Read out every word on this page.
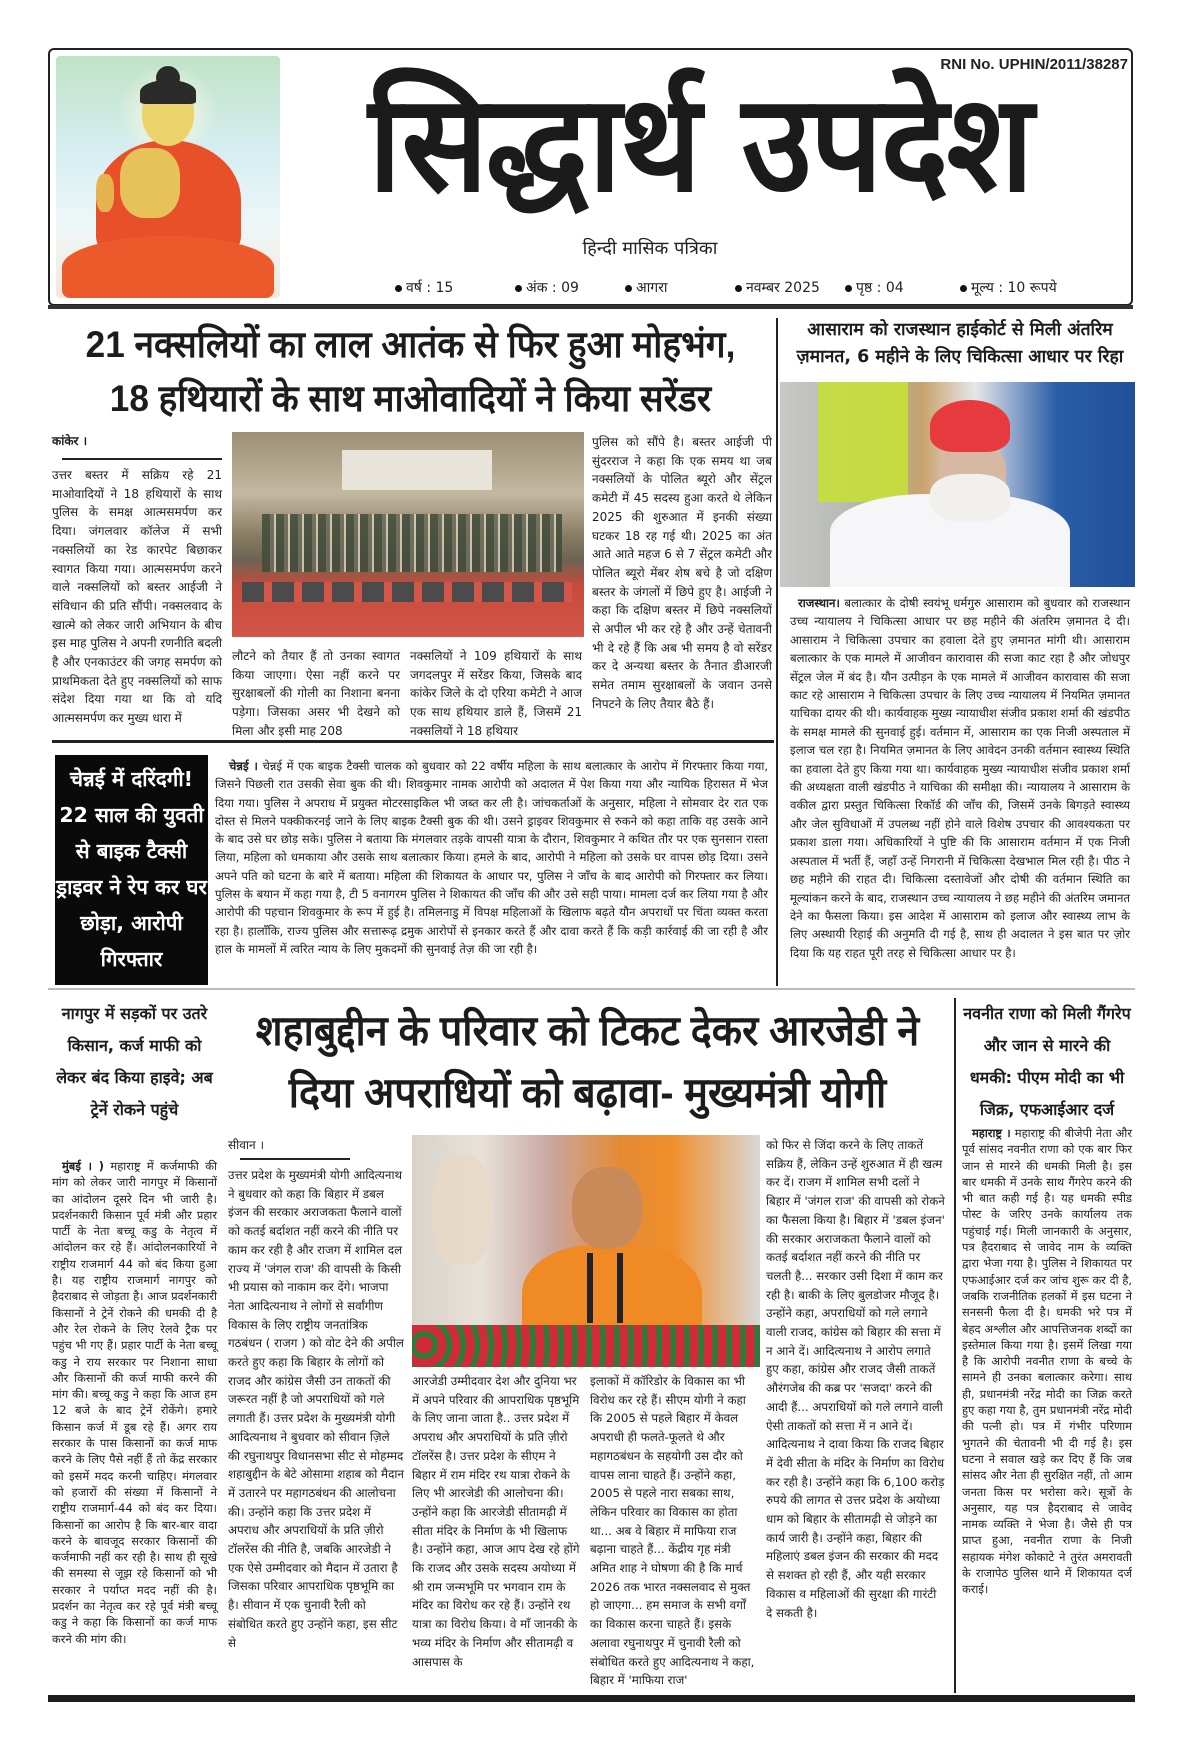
RNI No. UPHIN/2011/38287
सिद्धार्थ उपदेश
हिन्दी मासिक पत्रिका
वर्ष : 15	अंक : 09	आगरा	नवम्बर 2025	पृष्ठ : 04	मूल्य : 10 रूपये
21 नक्सलियों का लाल आतंक से फिर हुआ मोहभंग, 18 हथियारों के साथ माओवादियों ने किया सरेंडर
कांकेर ।
उत्तर बस्तर में सक्रिय रहे 21 माओवादियों ने 18 हथियारों के साथ पुलिस के समक्ष आत्मसमर्पण कर दिया। जंगलवार कॉलेज में सभी नक्सलियों का रेड कारपेट बिछाकर स्वागत किया गया। आत्मसमर्पण करने वाले नक्सलियों को बस्तर आईजी ने संविधान की प्रति सौंपी। नक्सलवाद के खात्मे को लेकर जारी अभियान के बीच इस माह पुलिस ने अपनी रणनीति बदली है और एनकाउंटर की जगह समर्पण को प्राथमिकता देते हुए नक्सलियों को साफ संदेश दिया गया था कि वो यदि आत्मसमर्पण कर मुख्य धारा में
लौटने को तैयार हैं तो उनका स्वागत किया जाएगा। ऐसा नहीं करने पर सुरक्षाबलों की गोली का निशाना बनना पड़ेगा। जिसका असर भी देखने को मिला और इसी माह 208
नक्सलियों ने 109 हथियारों के साथ जगदलपुर में सरेंडर किया, जिसके बाद कांकेर जिले के दो एरिया कमेटी ने आज एक साथ हथियार डाले हैं, जिसमें 21 नक्सलियों ने 18 हथियार
पुलिस को सौंपे है। बस्तर आईजी पी सुंदरराज ने कहा कि एक समय था जब नक्सलियों के पोलित ब्यूरो और सेंट्रल कमेटी में 45 सदस्य हुआ करते थे लेकिन 2025 की शुरुआत में इनकी संख्या घटकर 18 रह गई थी। 2025 का अंत आते आते महज 6 से 7 सेंट्रल कमेटी और पोलित ब्यूरो मेंबर शेष बचे है जो दक्षिण बस्तर के जंगलों में छिपे हुए है। आईजी ने कहा कि दक्षिण बस्तर में छिपे नक्सलियों से अपील भी कर रहे है और उन्हें चेतावनी भी दे रहे हैं कि अब भी समय है वो सरेंडर कर दे अन्यथा बस्तर के तैनात डीआरजी समेत तमाम सुरक्षाबलों के जवान उनसे निपटने के लिए तैयार बैठे हैं।
आसाराम को राजस्थान हाईकोर्ट से मिली अंतरिम ज़मानत, 6 महीने के लिए चिकित्सा आधार पर रिहा
राजस्थान। बलात्कार के दोषी स्वयंभू धर्मगुरु आसाराम को बुधवार को राजस्थान उच्च न्यायालय ने चिकित्सा आधार पर छह महीने की अंतरिम ज़मानत दे दी। आसाराम ने चिकित्सा उपचार का हवाला देते हुए ज़मानत मांगी थी। आसाराम बलात्कार के एक मामले में आजीवन कारावास की सजा काट रहा है और जोधपुर सेंट्रल जेल में बंद है। यौन उत्पीड़न के एक मामले में आजीवन कारावास की सजा काट रहे आसाराम ने चिकित्सा उपचार के लिए उच्च न्यायालय में नियमित ज़मानत याचिका दायर की थी। कार्यवाहक मुख्य न्यायाधीश संजीव प्रकाश शर्मा की खंडपीठ के समक्ष मामले की सुनवाई हुई। वर्तमान में, आसाराम का एक निजी अस्पताल में इलाज चल रहा है। नियमित ज़मानत के लिए आवेदन उनकी वर्तमान स्वास्थ्य स्थिति का हवाला देते हुए किया गया था। कार्यवाहक मुख्य न्यायाधीश संजीव प्रकाश शर्मा की अध्यक्षता वाली खंडपीठ ने याचिका की समीक्षा की। न्यायालय ने आसाराम के वकील द्वारा प्रस्तुत चिकित्सा रिकॉर्ड की जाँच की, जिसमें उनके बिगड़ते स्वास्थ्य और जेल सुविधाओं में उपलब्ध नहीं होने वाले विशेष उपचार की आवश्यकता पर प्रकाश डाला गया। अधिकारियों ने पुष्टि की कि आसाराम वर्तमान में एक निजी अस्पताल में भर्ती हैं, जहाँ उन्हें निगरानी में चिकित्सा देखभाल मिल रही है। पीठ ने छह महीने की राहत दी। चिकित्सा दस्तावेजों और दोषी की वर्तमान स्थिति का मूल्यांकन करने के बाद, राजस्थान उच्च न्यायालय ने छह महीने की अंतरिम जमानत देने का फैसला किया। इस आदेश में आसाराम को इलाज और स्वास्थ्य लाभ के लिए अस्थायी रिहाई की अनुमति दी गई है, साथ ही अदालत ने इस बात पर ज़ोर दिया कि यह राहत पूरी तरह से चिकित्सा आधार पर है।
चेन्नई में दरिंदगी! 22 साल की युवती से बाइक टैक्सी ड्राइवर ने रेप कर घर छोड़ा, आरोपी गिरफ्तार
चेन्नई । चेन्नई में एक बाइक टैक्सी चालक को बुधवार को 22 वर्षीय महिला के साथ बलात्कार के आरोप में गिरफ्तार किया गया, जिसने पिछली रात उसकी सेवा बुक की थी। शिवकुमार नामक आरोपी को अदालत में पेश किया गया और न्यायिक हिरासत में भेज दिया गया। पुलिस ने अपराध में प्रयुक्त मोटरसाइकिल भी जब्त कर ली है। जांचकर्ताओं के अनुसार, महिला ने सोमवार देर रात एक दोस्त से मिलने पक्कीकरनई जाने के लिए बाइक टैक्सी बुक की थी। उसने ड्राइवर शिवकुमार से रुकने को कहा ताकि वह उसके आने के बाद उसे घर छोड़ सके। पुलिस ने बताया कि मंगलवार तड़के वापसी यात्रा के दौरान, शिवकुमार ने कथित तौर पर एक सुनसान रास्ता लिया, महिला को धमकाया और उसके साथ बलात्कार किया। हमले के बाद, आरोपी ने महिला को उसके घर वापस छोड़ दिया। उसने अपने पति को घटना के बारे में बताया। महिला की शिकायत के आधार पर, पुलिस ने जाँच के बाद आरोपी को गिरफ्तार कर लिया। पुलिस के बयान में कहा गया है, टी 5 वनागरम पुलिस ने शिकायत की जाँच की और उसे सही पाया। मामला दर्ज कर लिया गया है और आरोपी की पहचान शिवकुमार के रूप में हुई है। तमिलनाडु में विपक्ष महिलाओं के खिलाफ बढ़ते यौन अपराधों पर चिंता व्यक्त करता रहा है। हालाँकि, राज्य पुलिस और सत्तारूढ़ द्रमुक आरोपों से इनकार करते हैं और दावा करते हैं कि कड़ी कार्रवाई की जा रही है और हाल के मामलों में त्वरित न्याय के लिए मुकदमों की सुनवाई तेज़ की जा रही है।
नागपुर में सड़कों पर उतरे किसान, कर्ज माफी को लेकर बंद किया हाइवे; अब ट्रेनें रोकने पहुंचे
मुंबई । ) महाराष्ट्र में कर्जमाफी की मांग को लेकर जारी नागपुर में किसानों का आंदोलन दूसरे दिन भी जारी है। प्रदर्शनकारी किसान पूर्व मंत्री और प्रहार पार्टी के नेता बच्चू कडु के नेतृत्व में आंदोलन कर रहे हैं। आंदोलनकारियों ने राष्ट्रीय राजमार्ग 44 को बंद किया हुआ है। यह राष्ट्रीय राजमार्ग नागपुर को हैदराबाद से जोड़ता है। आज प्रदर्शनकारी किसानों ने ट्रेनें रोकने की धमकी दी है और रेल रोकने के लिए रेलवे ट्रैक पर पहुंच भी गए हैं। प्रहार पार्टी के नेता बच्चू कडु ने राय सरकार पर निशाना साधा और किसानों की कर्ज माफी करने की मांग की। बच्चू कडु ने कहा कि आज हम 12 बजे के बाद ट्रेनें रोकेंगे। हमारे किसान कर्ज में डूब रहे हैं। अगर राय सरकार के पास किसानों का कर्ज माफ करने के लिए पैसे नहीं हैं तो केंद्र सरकार को इसमें मदद करनी चाहिए। मंगलवार को हजारों की संख्या में किसानों ने राष्ट्रीय राजमार्ग-44 को बंद कर दिया। किसानों का आरोप है कि बार-बार वादा करने के बावजूद सरकार किसानों की कर्जमाफी नहीं कर रही है। साथ ही सूखे की समस्या से जूझ रहे किसानों को भी सरकार ने पर्याप्त मदद नहीं की है। प्रदर्शन का नेतृत्व कर रहे पूर्व मंत्री बच्चू कडु ने कहा कि किसानों का कर्ज माफ करने की मांग की।
शहाबुद्दीन के परिवार को टिकट देकर आरजेडी ने दिया अपराधियों को बढ़ावा- मुख्यमंत्री योगी
सीवान ।
उत्तर प्रदेश के मुख्यमंत्री योगी आदित्यनाथ ने बुधवार को कहा कि बिहार में डबल इंजन की सरकार अराजकता फैलाने वालों को कतई बर्दाशत नहीं करने की नीति पर काम कर रही है और राजग में शामिल दल राज्य में 'जंगल राज' की वापसी के किसी भी प्रयास को नाकाम कर देंगे। भाजपा नेता आदित्यनाथ ने लोगों से सर्वांगीण विकास के लिए राष्ट्रीय जनतांत्रिक गठबंधन ( राजग ) को वोट देने की अपील करते हुए कहा कि बिहार के लोगों को राजद और कांग्रेस जैसी उन ताकतों की जरूरत नहीं है जो अपराधियों को गले लगाती हैं। उत्तर प्रदेश के मुख्यमंत्री योगी आदित्यनाथ ने बुधवार को सीवान ज़िले की रघुनाथपुर विधानसभा सीट से मोहम्मद शहाबुद्दीन के बेटे ओसामा शहाब को मैदान में उतारने पर महागठबंधन की आलोचना की। उन्होंने कहा कि उत्तर प्रदेश में अपराध और अपराधियों के प्रति ज़ीरो टॉलरेंस की नीति है, जबकि आरजेडी ने एक ऐसे उम्मीदवार को मैदान में उतारा है जिसका परिवार आपराधिक पृष्ठभूमि का है। सीवान में एक चुनावी रैली को संबोधित करते हुए उन्होंने कहा, इस सीट से
आरजेडी उम्मीदवार देश और दुनिया भर में अपने परिवार की आपराधिक पृष्ठभूमि के लिए जाना जाता है.. उत्तर प्रदेश में अपराध और अपराधियों के प्रति ज़ीरो टॉलरेंस है। उत्तर प्रदेश के सीएम ने बिहार में राम मंदिर रथ यात्रा रोकने के लिए भी आरजेडी की आलोचना की। उन्होंने कहा कि आरजेडी सीतामढ़ी में सीता मंदिर के निर्माण के भी खिलाफ है। उन्होंने कहा, आज आप देख रहे होंगे कि राजद और उसके सदस्य अयोध्या में श्री राम जन्मभूमि पर भगवान राम के मंदिर का विरोध कर रहे हैं। उन्होंने रथ यात्रा का विरोध किया। वे माँ जानकी के भव्य मंदिर के निर्माण और सीतामढ़ी व आसपास के
इलाकों में कॉरिडोर के विकास का भी विरोध कर रहे हैं। सीएम योगी ने कहा कि 2005 से पहले बिहार में केवल अपराधी ही फलते-फूलते थे और महागठबंधन के सहयोगी उस दौर को वापस लाना चाहते हैं। उन्होंने कहा, 2005 से पहले नारा सबका साथ, लेकिन परिवार का विकास का होता था... अब वे बिहार में माफिया राज बढ़ाना चाहते हैं... केंद्रीय गृह मंत्री अमित शाह ने घोषणा की है कि मार्च 2026 तक भारत नक्सलवाद से मुक्त हो जाएगा... हम समाज के सभी वर्गों का विकास करना चाहते हैं। इसके अलावा रघुनाथपुर में चुनावी रैली को संबोधित करते हुए आदित्यनाथ ने कहा, बिहार में 'माफिया राज'
को फिर से जिंदा करने के लिए ताकतें सक्रिय हैं, लेकिन उन्हें शुरुआत में ही खत्म कर दें। राजग में शामिल सभी दलों ने बिहार में 'जंगल राज' की वापसी को रोकने का फैसला किया है। बिहार में 'डबल इंजन' की सरकार अराजकता फैलाने वालों को कतई बर्दाशत नहीं करने की नीति पर चलती है... सरकार उसी दिशा में काम कर रही है। बाकी के लिए बुलडोजर मौजूद है। उन्होंने कहा, अपराधियों को गले लगाने वाली राजद, कांग्रेस को बिहार की सत्ता में न आने दें। आदित्यनाथ ने आरोप लगाते हुए कहा, कांग्रेस और राजद जैसी ताकतें औरंगजेब की कब्र पर 'सजदा' करने की आदी हैं... अपराधियों को गले लगाने वाली ऐसी ताकतों को सत्ता में न आने दें। आदित्यनाथ ने दावा किया कि राजद बिहार में देवी सीता के मंदिर के निर्माण का विरोध कर रही है। उन्होंने कहा कि 6,100 करोड़ रुपये की लागत से उत्तर प्रदेश के अयोध्या धाम को बिहार के सीतामढ़ी से जोड़ने का कार्य जारी है। उन्होंने कहा, बिहार की महिलाएं डबल इंजन की सरकार की मदद से सशक्त हो रही हैं, और यही सरकार विकास व महिलाओं की सुरक्षा की गारंटी दे सकती है।
नवनीत राणा को मिली गैंगरेप और जान से मारने की धमकी: पीएम मोदी का भी जिक्र, एफआईआर दर्ज
महाराष्ट्र । महाराष्ट्र की बीजेपी नेता और पूर्व सांसद नवनीत राणा को एक बार फिर जान से मारने की धमकी मिली है। इस बार धमकी में उनके साथ गैंगरेप करने की भी बात कही गई है। यह धमकी स्पीड पोस्ट के जरिए उनके कार्यालय तक पहुंचाई गई। मिली जानकारी के अनुसार, पत्र हैदराबाद से जावेद नाम के व्यक्ति द्वारा भेजा गया है। पुलिस ने शिकायत पर एफआईआर दर्ज कर जांच शुरू कर दी है, जबकि राजनीतिक हलकों में इस घटना ने सनसनी फैला दी है। धमकी भरे पत्र में बेहद अश्लील और आपत्तिजनक शब्दों का इस्तेमाल किया गया है। इसमें लिखा गया है कि आरोपी नवनीत राणा के बच्चे के सामने ही उनका बलात्कार करेगा। साथ ही, प्रधानमंत्री नरेंद्र मोदी का जिक्र करते हुए कहा गया है, तुम प्रधानमंत्री नरेंद्र मोदी की पत्नी हो। पत्र में गंभीर परिणाम भुगतने की चेतावनी भी दी गई है। इस घटना ने सवाल खड़े कर दिए हैं कि जब सांसद और नेता ही सुरक्षित नहीं, तो आम जनता किस पर भरोसा करे। सूत्रों के अनुसार, यह पत्र हैदराबाद से जावेद नामक व्यक्ति ने भेजा है। जैसे ही पत्र प्राप्त हुआ, नवनीत राणा के निजी सहायक मंगेश कोकाटे ने तुरंत अमरावती के राजापेठ पुलिस थाने में शिकायत दर्ज कराई।
